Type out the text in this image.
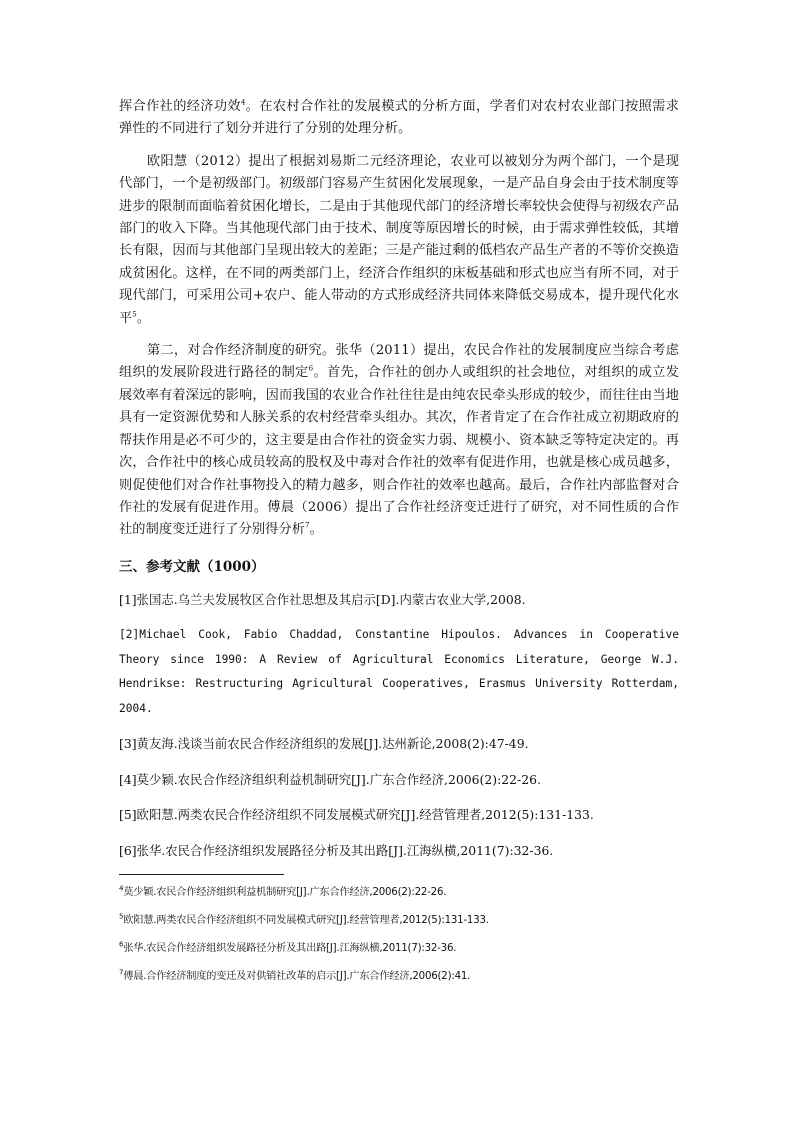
挥合作社的经济功效$^4$。在农村合作社的发展模式的分析方面，学者们对农村农业部门按照需求弹性的不同进行了划分并进行了分别的处理分析。

欧阳慧（2012）提出了根据刘易斯二元经济理论，农业可以被划分为两个部门，一个是现代部门，一个是初级部门。初级部门容易产生贫困化发展现象，一是产品自身会由于技术制度等进步的限制而面临着贫困化增长，二是由于其他现代部门的经济增长率较快会使得与初级农产品部门的收入下降。当其他现代部门由于技术、制度等原因增长的时候，由于需求弹性较低，其增长有限，因而与其他部门呈现出较大的差距；三是产能过剩的低档农产品生产者的不等价交换造成贫困化。这样，在不同的两类部门上，经济合作组织的床板基础和形式也应当有所不同，对于现代部门，可采用公司+农户、能人带动的方式形成经济共同体来降低交易成本，提升现代化水平$^5$。

第二，对合作经济制度的研究。张华（2011）提出，农民合作社的发展制度应当综合考虑组织的发展阶段进行路径的制定$^6$。首先，合作社的创办人或组织的社会地位，对组织的成立发展效率有着深远的影响，因而我国的农业合作社往往是由纯农民牵头形成的较少，而往往由当地具有一定资源优势和人脉关系的农村经营牵头组办。其次，作者肯定了在合作社成立初期政府的帮扶作用是必不可少的，这主要是由合作社的资金实力弱、规模小、资本缺乏等特定决定的。再次，合作社中的核心成员较高的股权及中毒对合作社的效率有促进作用，也就是核心成员越多，则促使他们对合作社事物投入的精力越多，则合作社的效率也越高。最后，合作社内部监督对合作社的发展有促进作用。傅晨（2006）提出了合作社经济变迁进行了研究，对不同性质的合作社的制度变迁进行了分别得分析$^7$。

三、参考文献（1000）

[1]张国志.乌兰夫发展牧区合作社思想及其启示[D].内蒙古农业大学,2008.

[2]Michael Cook, Fabio Chaddad, Constantine Hipoulos. Advances in Cooperative Theory since 1990: A Review of Agricultural Economics Literature, George W.J. Hendrikse: Restructuring Agricultural Cooperatives, Erasmus University Rotterdam, 2004.

[3]黄友海.浅谈当前农民合作经济组织的发展[J].达州新论,2008(2):47-49.

[4]莫少颖.农民合作经济组织利益机制研究[J].广东合作经济,2006(2):22-26.

[5]欧阳慧.两类农民合作经济组织不同发展模式研究[J].经营管理者,2012(5):131-133.

[6]张华.农民合作经济组织发展路径分析及其出路[J].江海纵横,2011(7):32-36.

$^4$莫少颖.农民合作经济组织利益机制研究[J].广东合作经济,2006(2):22-26.

$^5$欧阳慧.两类农民合作经济组织不同发展模式研究[J].经营管理者,2012(5):131-133.

$^6$张华.农民合作经济组织发展路径分析及其出路[J].江海纵横,2011(7):32-36.

$^7$傅晨.合作经济制度的变迁及对供销社改革的启示[J].广东合作经济,2006(2):41.
